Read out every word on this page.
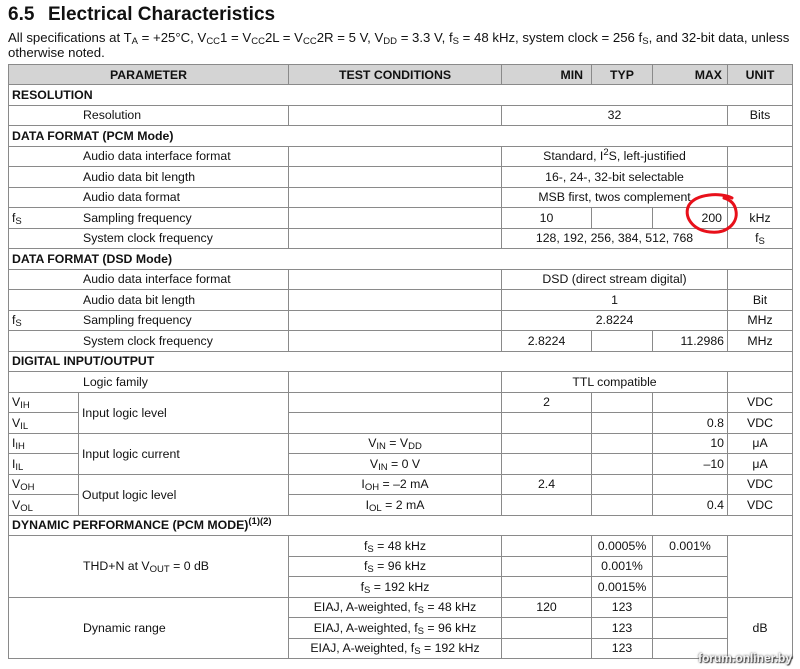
6.5 Electrical Characteristics
All specifications at $T_A = +25^\circ C$, $V_{CC}1 = V_{CC}2L = V_{CC}2R = 5$ V, $V_{DD} = 3.3$ V, $f_S = 48$ kHz, system clock = 256 $f_S$, and 32-bit data, unless otherwise noted.
PARAMETER		TEST CONDITIONS	MIN	TYP	MAX	UNIT
RESOLUTION						
Resolution			32			Bits
DATA FORMAT (PCM Mode)						
Audio data interface format			Standard, $I^2S$, left-justified			
Audio data bit length			16-, 24-, 32-bit selectable			
Audio data format			MSB first, twos complement			
$f_S$ Sampling frequency			10		200	kHz
System clock frequency			128, 192, 256, 384, 512, 768			$f_S$
DATA FORMAT (DSD Mode)						
Audio data interface format			DSD (direct stream digital)			
Audio data bit length			1			Bit
$f_S$ Sampling frequency			2.8224			MHz
System clock frequency			2.8224		11.2986	MHz
DIGITAL INPUT/OUTPUT						
Logic family			TTL compatible			
$V_{IH}$	Input logic level		2			VDC
$V_{IL}$					0.8	VDC
$I_{IH}$	Input logic current	$V_{IN} = V_{DD}$			10	μA
$I_{IL}$		$V_{IN} = 0$ V			–10	μA
$V_{OH}$	Output logic level	$I_{OH} = -2$ mA	2.4			VDC
$V_{OL}$		$I_{OL} = 2$ mA			0.4	VDC
DYNAMIC PERFORMANCE (PCM MODE)$^{(1)(2)}$
THD+N at $V_{OUT} = 0$ dB		$f_S = 48$ kHz		0.0005%	0.001%	
		$f_S = 96$ kHz		0.001%		
		$f_S = 192$ kHz		0.0015%		
Dynamic range		EIAJ, A-weighted, $f_S = 48$ kHz	120	123		dB
		EIAJ, A-weighted, $f_S = 96$ kHz		123		
		EIAJ, A-weighted, $f_S = 192$ kHz		123		
forum.onliner.by
